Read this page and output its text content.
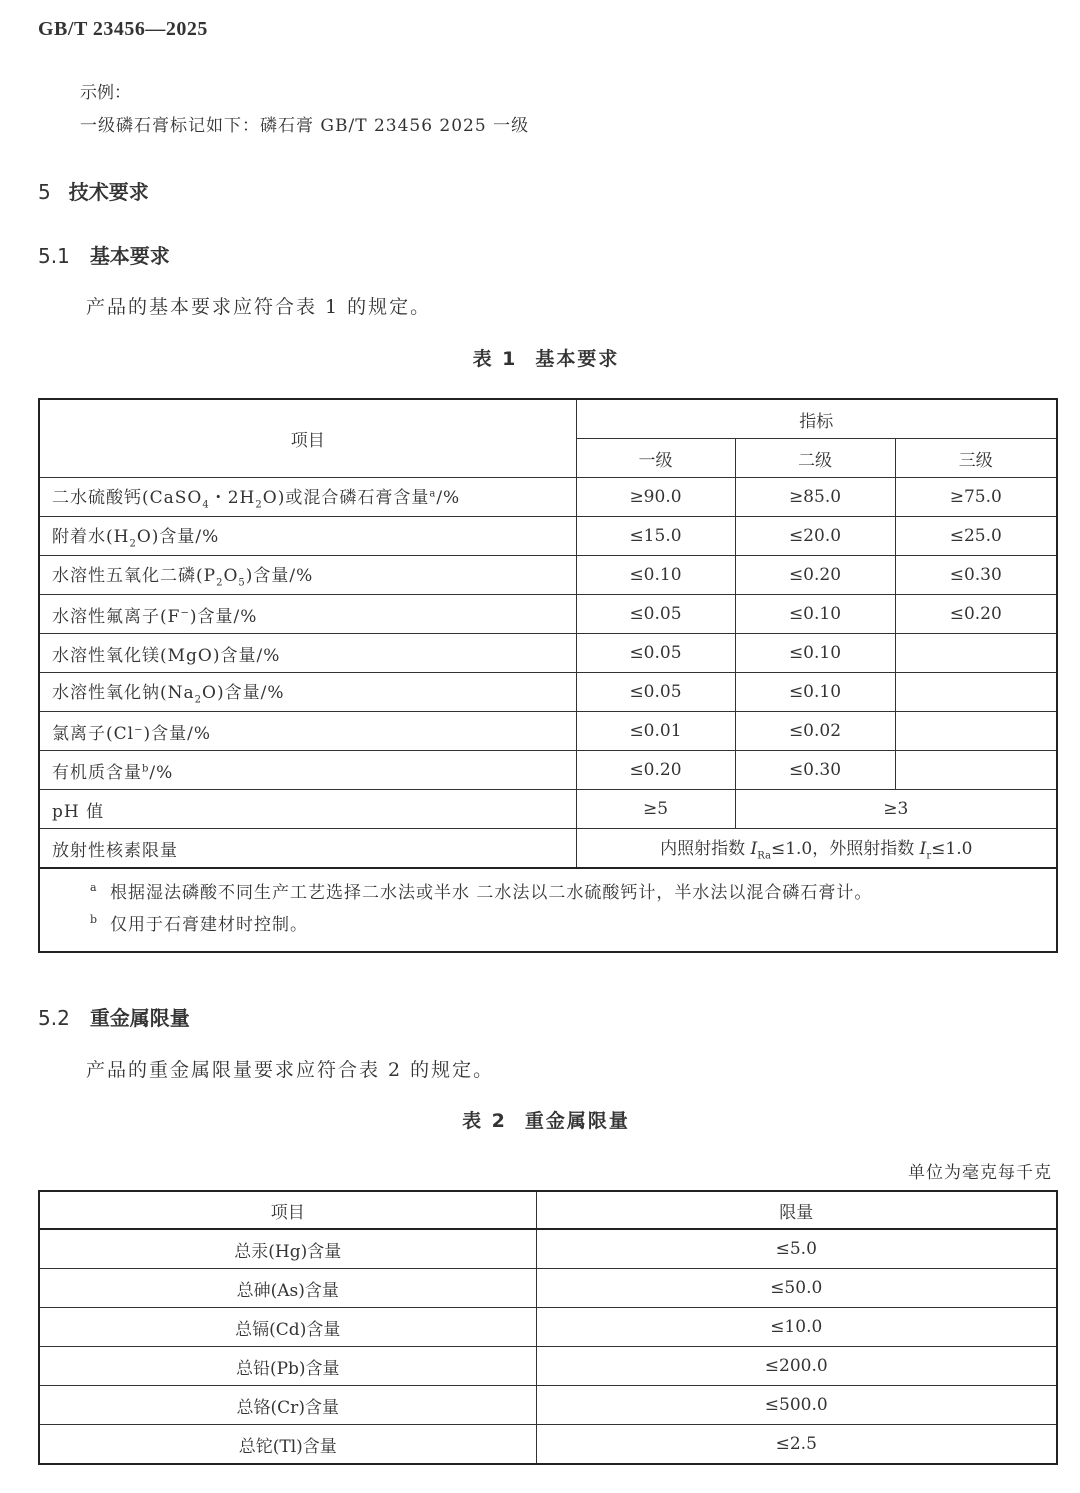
GB/T 23456—2025
示例：
一级磷石膏标记如下：磷石膏 GB/T 23456 2025 一级
5 技术要求
5.1 基本要求
产品的基本要求应符合表 1 的规定。
表 1 基本要求
项目	指标		
	一级	二级	三级
二水硫酸钙(CaSO$_4$・$2H_2O$)或混合磷石膏含量$^a$/%	≥90.0	≥85.0	≥75.0
附着水$(H_2O)$含量/%	≤15.0	≤20.0	≤25.0
水溶性五氧化二磷$(P_2O_5)$含量/%	≤0.10	≤0.20	≤0.30
水溶性氟离子(F−)含量/%	≤0.05	≤0.10	≤0.20
水溶性氧化镁(MgO)含量/%	≤0.05	≤0.10	
水溶性氧化钠$(Na_2O)$含量/%	≤0.05	≤0.10	
氯离子(Cl−)含量/%	≤0.01	≤0.02	
有机质含量$^b$/%	≤0.20	≤0.30	
pH 值	≥5	≥3	
放射性核素限量	内照射指数 $I_{Ra}\le 1.0$，外照射指数 $I_r\le 1.0$		

a 根据湿法磷酸不同生产工艺选择二水法或半水 二水法以二水硫酸钙计，半水法以混合磷石膏计。
b 仅用于石膏建材时控制。			
5.2 重金属限量
产品的重金属限量要求应符合表 2 的规定。
表 2 重金属限量
单位为毫克每千克
项目	限量
总汞(Hg)含量	≤5.0
总砷(As)含量	≤50.0
总镉(Cd)含量	≤10.0
总铅(Pb)含量	≤200.0
总铬(Cr)含量	≤500.0
总铊(Tl)含量	≤2.5
